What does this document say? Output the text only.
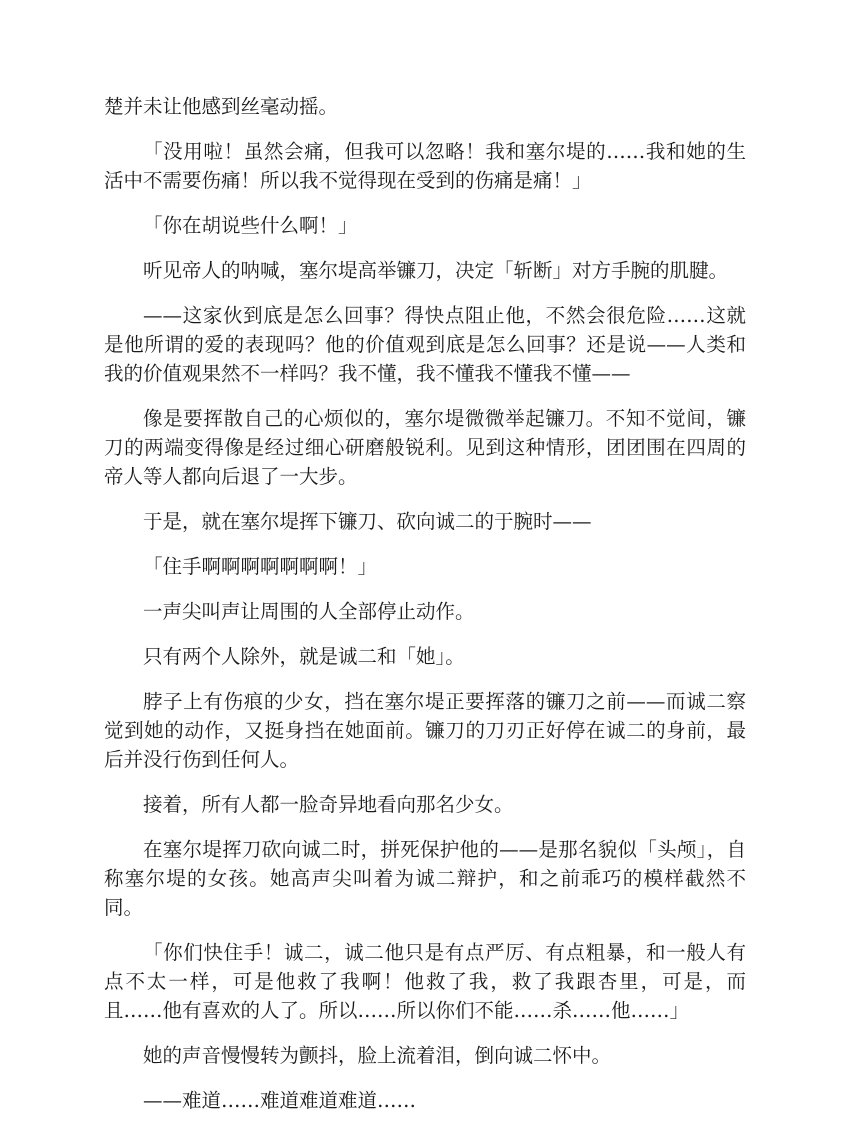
楚并未让他感到丝毫动摇。

「没用啦！虽然会痛，但我可以忽略！我和塞尔堤的……我和她的生活中不需要伤痛！所以我不觉得现在受到的伤痛是痛！」

「你在胡说些什么啊！」

听见帝人的呐喊，塞尔堤高举镰刀，决定「斩断」对方手腕的肌腱。

——这家伙到底是怎么回事？得快点阻止他，不然会很危险……这就是他所谓的爱的表现吗？他的价值观到底是怎么回事？还是说——人类和我的价值观果然不一样吗？我不懂，我不懂我不懂我不懂——

像是要挥散自己的心烦似的，塞尔堤微微举起镰刀。不知不觉间，镰刀的两端变得像是经过细心研磨般锐利。见到这种情形，团团围在四周的帝人等人都向后退了一大步。

于是，就在塞尔堤挥下镰刀、砍向诚二的于腕时——

「住手啊啊啊啊啊啊啊！」

一声尖叫声让周围的人全部停止动作。

只有两个人除外，就是诚二和「她」。

脖子上有伤痕的少女，挡在塞尔堤正要挥落的镰刀之前——而诚二察觉到她的动作，又挺身挡在她面前。镰刀的刀刃正好停在诚二的身前，最后并没行伤到任何人。

接着，所有人都一脸奇异地看向那名少女。

在塞尔堤挥刀砍向诚二时，拼死保护他的——是那名貌似「头颅」，自称塞尔堤的女孩。她高声尖叫着为诚二辩护，和之前乖巧的模样截然不同。

「你们快住手！诚二，诚二他只是有点严厉、有点粗暴，和一般人有点不太一样，可是他救了我啊！他救了我，救了我跟杏里，可是，而且……他有喜欢的人了。所以……所以你们不能……杀……他……」

她的声音慢慢转为颤抖，脸上流着泪，倒向诚二怀中。

——难道……难道难道难道……
